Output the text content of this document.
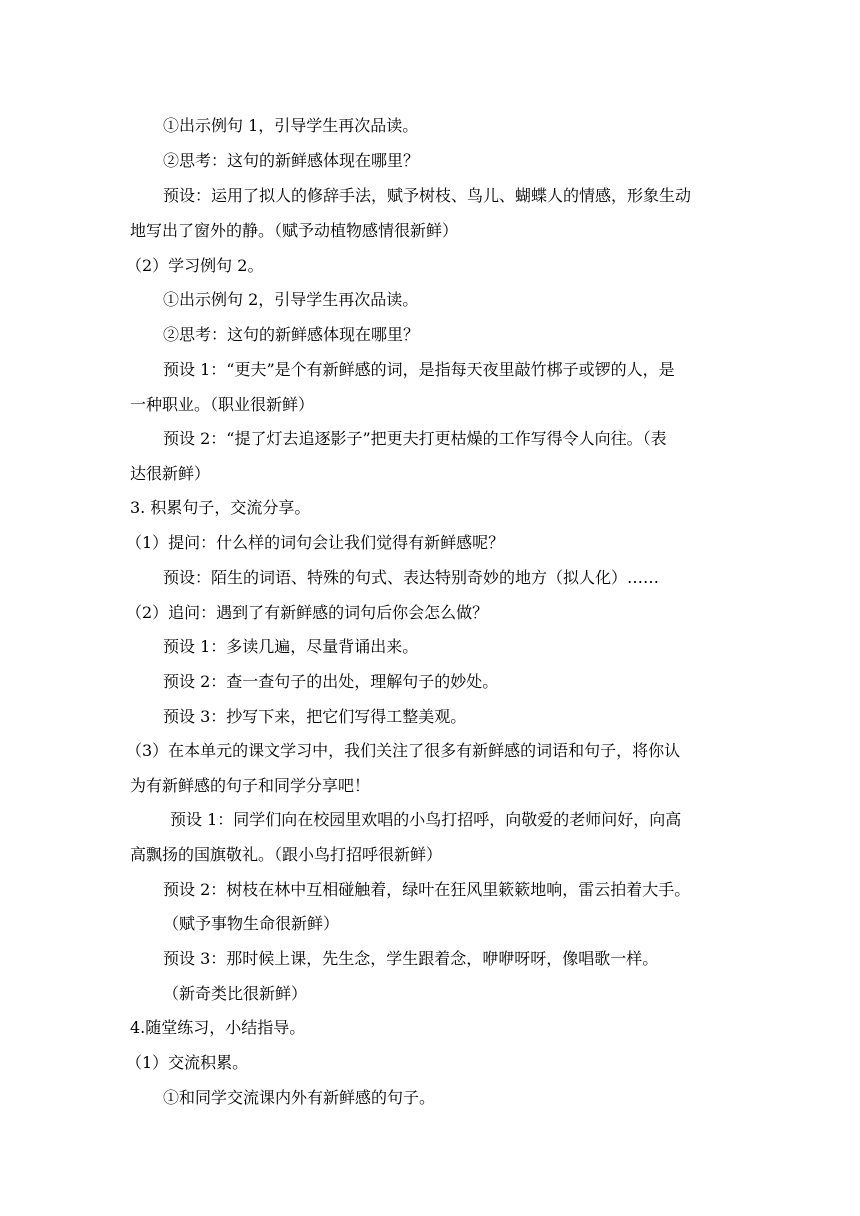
①出示例句 1，引导学生再次品读。
②思考：这句的新鲜感体现在哪里？
预设：运用了拟人的修辞手法，赋予树枝、鸟儿、蝴蝶人的情感，形象生动
地写出了窗外的静。（赋予动植物感情很新鲜）
（2）学习例句 2。
①出示例句 2，引导学生再次品读。
②思考：这句的新鲜感体现在哪里？
预设 1：“更夫”是个有新鲜感的词，是指每天夜里敲竹梆子或锣的人，是
一种职业。（职业很新鲜）
预设 2：“提了灯去追逐影子”把更夫打更枯燥的工作写得令人向往。（表
达很新鲜）
3. 积累句子，交流分享。
（1）提问：什么样的词句会让我们觉得有新鲜感呢？
预设：陌生的词语、特殊的句式、表达特别奇妙的地方（拟人化）……
（2）追问：遇到了有新鲜感的词句后你会怎么做？
预设 1：多读几遍，尽量背诵出来。
预设 2：查一查句子的出处，理解句子的妙处。
预设 3：抄写下来，把它们写得工整美观。
（3）在本单元的课文学习中，我们关注了很多有新鲜感的词语和句子，将你认
为有新鲜感的句子和同学分享吧！
预设 1：同学们向在校园里欢唱的小鸟打招呼，向敬爱的老师问好，向高
高飘扬的国旗敬礼。（跟小鸟打招呼很新鲜）
预设 2：树枝在林中互相碰触着，绿叶在狂风里簌簌地响，雷云拍着大手。
（赋予事物生命很新鲜）
预设 3：那时候上课，先生念，学生跟着念，咿咿呀呀，像唱歌一样。
（新奇类比很新鲜）
4.随堂练习，小结指导。
（1）交流积累。
①和同学交流课内外有新鲜感的句子。
